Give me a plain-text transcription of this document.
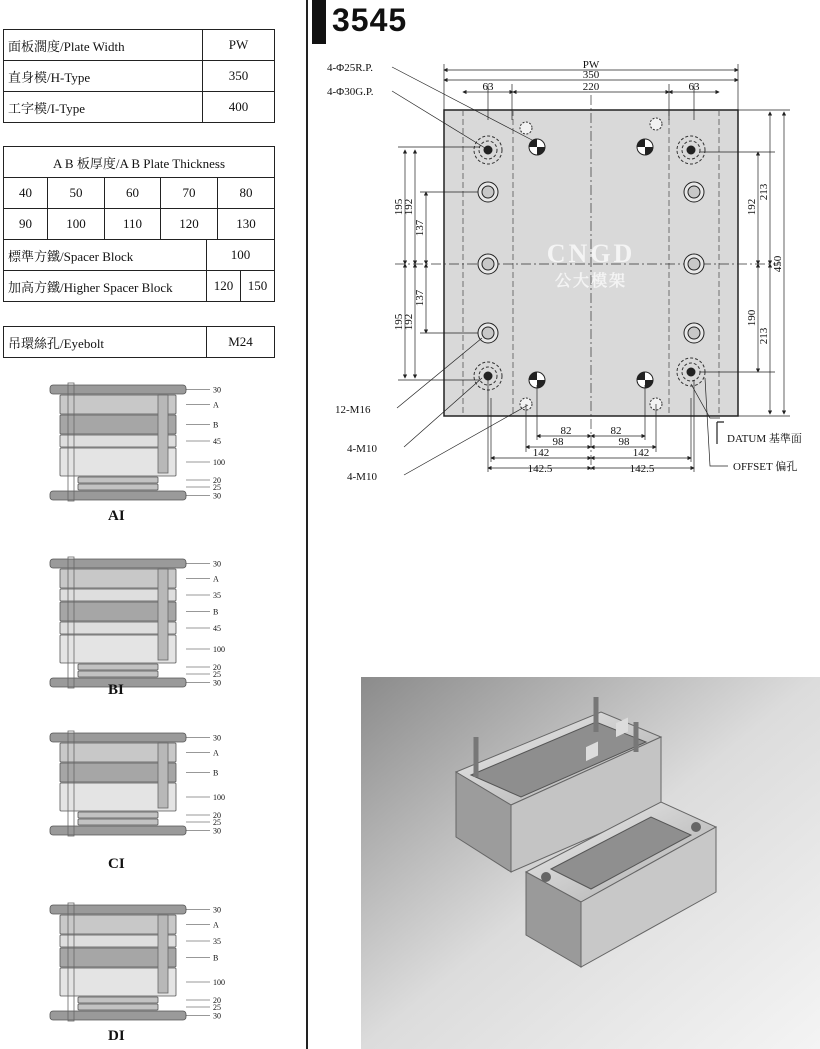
面板濶度/Plate Width	PW
直身模/H-Type	350
工字模/I-Type	400
A B 板厚度/A B Plate Thickness				
40	50	60	70	80
90	100	110	120	130
標準方鐵/Spacer Block	100	
加高方鐵/Higher Spacer Block	120	150
吊環絲孔/Eyebolt	M24
30
A
B
45
100
20
25
30
AI
30
A
35
B
45
100
20
25
30
BI
30
A
B
100
20
25
30
CI
30
A
35
B
100
20
25
30
DI
3545
CNGD
公大模架
PW
350
63	220	63
195
192
137
195
192
137
192
213
450
190
213
82	82
98	98
142	142
142.5	142.5
4-Φ25R.P.
4-Φ30G.P.
12-M16
4-M10
4-M10
DATUM 基準面
OFFSET 偏孔
